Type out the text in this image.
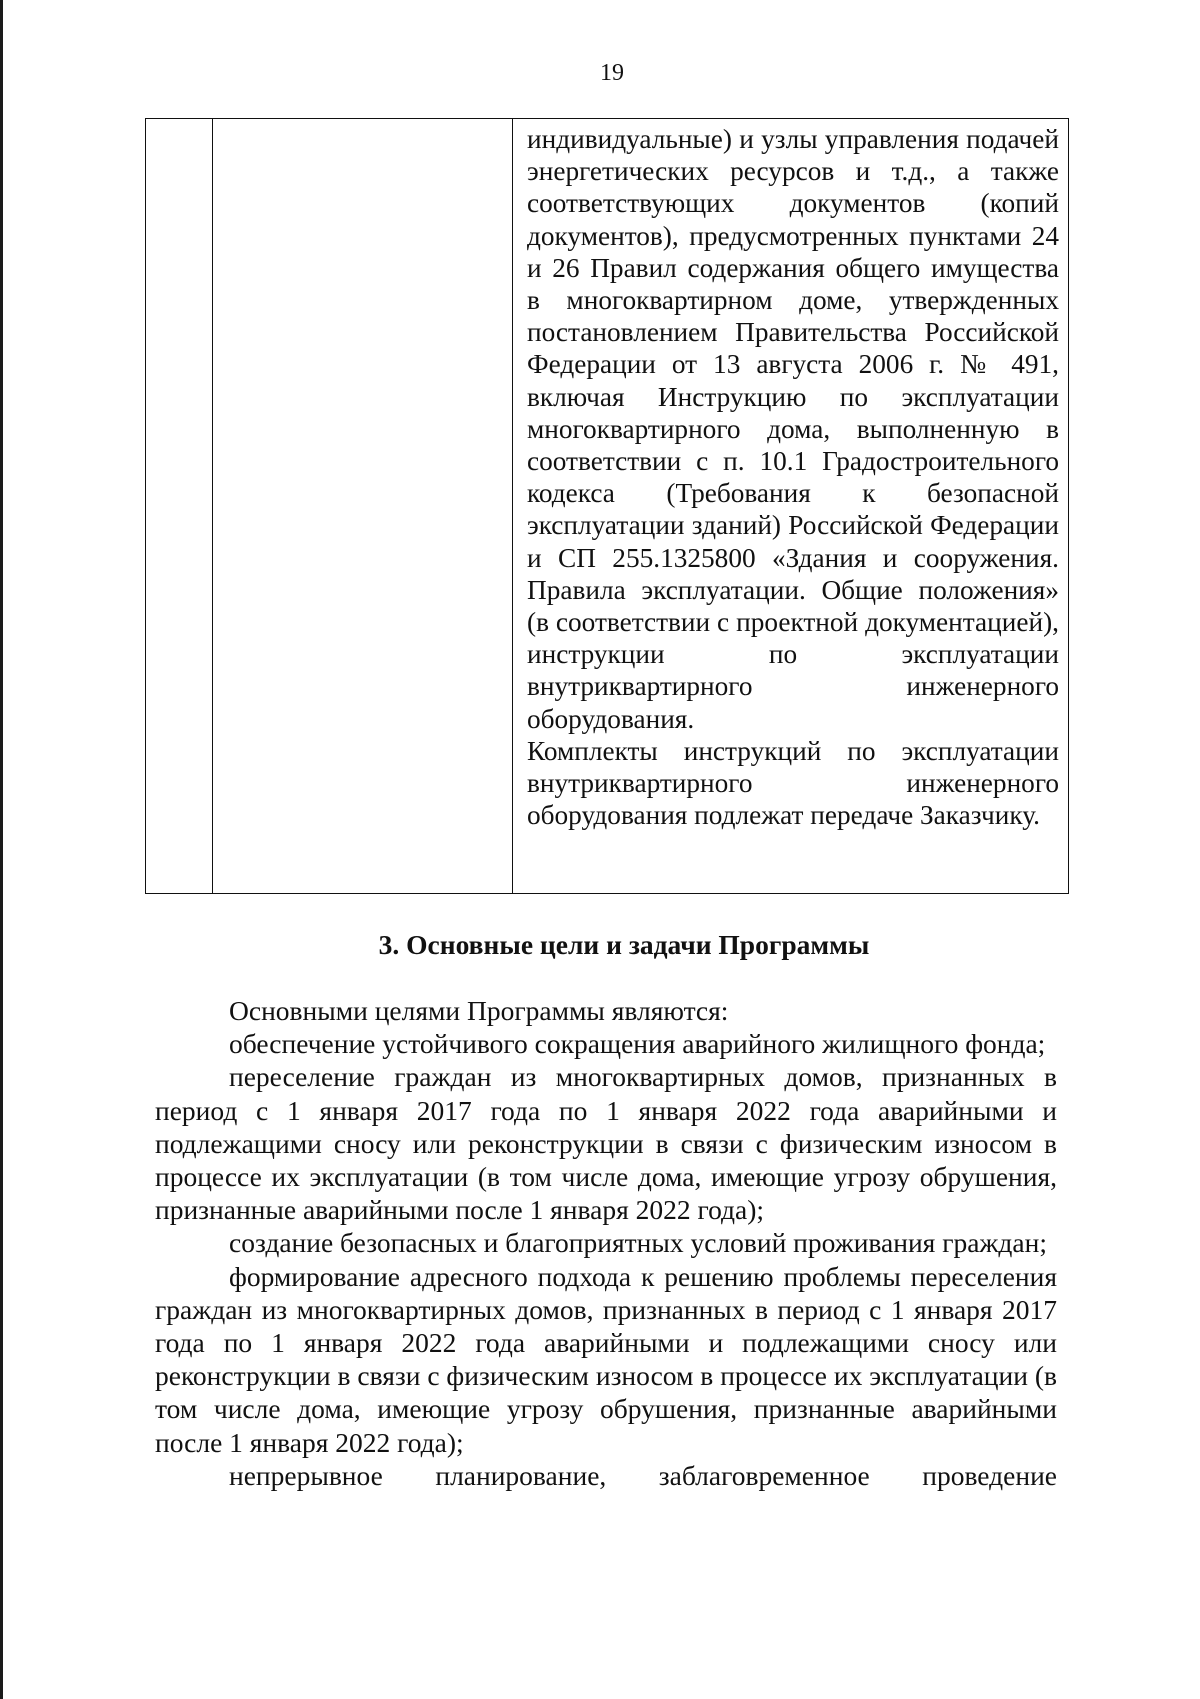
19

индивидуальные) и узлы управления подачей энергетических ресурсов и т.д., а также соответствующих документов (копий документов), предусмотренных пунктами 24 и 26 Правил содержания общего имущества в многоквартирном доме, утвержденных постановлением Правительства Российской Федерации от 13 августа 2006 г. № 491, включая Инструкцию по эксплуатации многоквартирного дома, выполненную в соответствии с п. 10.1 Градостроительного кодекса (Требования к безопасной эксплуатации зданий) Российской Федерации и СП 255.1325800 «Здания и сооружения. Правила эксплуатации. Общие положения» (в соответствии с проектной документацией), инструкции по эксплуатации внутриквартирного инженерного оборудования.

Комплекты инструкций по эксплуатации внутриквартирного инженерного оборудования подлежат передаче Заказчику.

3. Основные цели и задачи Программы

Основными целями Программы являются:

обеспечение устойчивого сокращения аварийного жилищного фонда;

переселение граждан из многоквартирных домов, признанных в период с 1 января 2017 года по 1 января 2022 года аварийными и подлежащими сносу или реконструкции в связи с физическим износом в процессе их эксплуатации (в том числе дома, имеющие угрозу обрушения, признанные аварийными после 1 января 2022 года);

создание безопасных и благоприятных условий проживания граждан;

формирование адресного подхода к решению проблемы переселения граждан из многоквартирных домов, признанных в период с 1 января 2017 года по 1 января 2022 года аварийными и подлежащими сносу или реконструкции в связи с физическим износом в процессе их эксплуатации (в том числе дома, имеющие угрозу обрушения, признанные аварийными после 1 января 2022 года);

непрерывное планирование, заблаговременное проведение
